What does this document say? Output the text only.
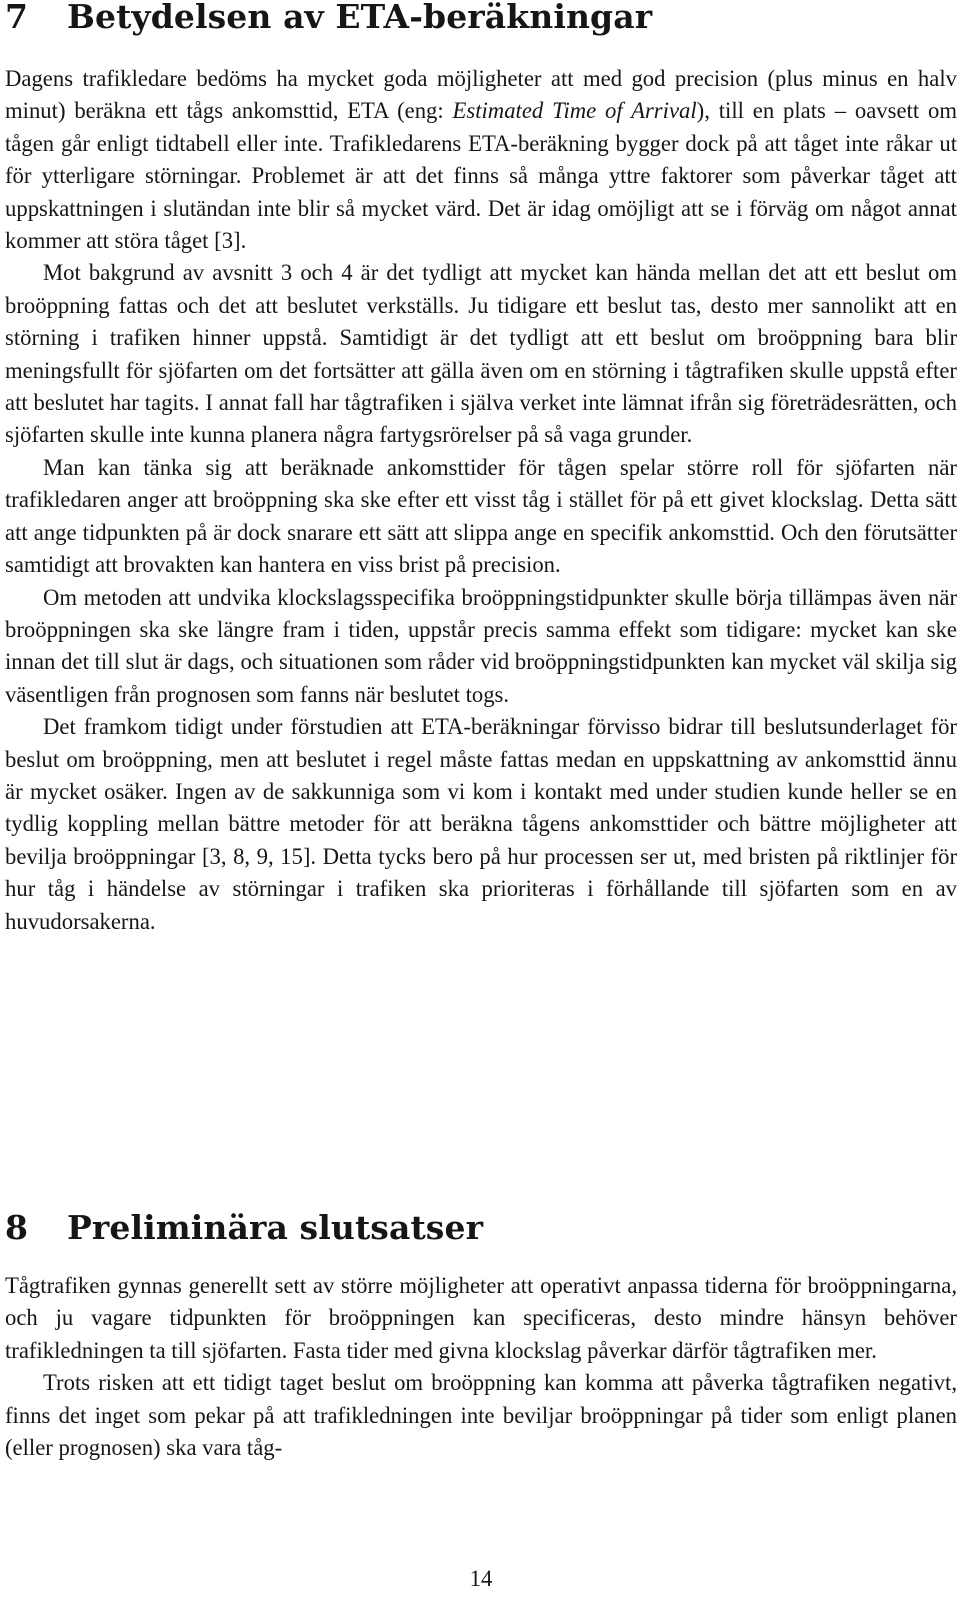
7 Betydelsen av ETA-beräkningar

Dagens trafikledare bedöms ha mycket goda möjligheter att med god precision (plus minus en halv minut) beräkna ett tågs ankomsttid, ETA (eng: Estimated Time of Arrival), till en plats – oavsett om tågen går enligt tidtabell eller inte. Trafikledarens ETA-beräkning bygger dock på att tåget inte råkar ut för ytterligare störningar. Problemet är att det finns så många yttre faktorer som påverkar tåget att uppskattningen i slutändan inte blir så mycket värd. Det är idag omöjligt att se i förväg om något annat kommer att störa tåget [3].

Mot bakgrund av avsnitt 3 och 4 är det tydligt att mycket kan hända mellan det att ett beslut om broöppning fattas och det att beslutet verkställs. Ju tidigare ett beslut tas, desto mer sannolikt att en störning i trafiken hinner uppstå. Samtidigt är det tydligt att ett beslut om broöppning bara blir meningsfullt för sjöfarten om det fortsätter att gälla även om en störning i tågtrafiken skulle uppstå efter att beslutet har tagits. I annat fall har tågtrafiken i själva verket inte lämnat ifrån sig företrädesrätten, och sjöfarten skulle inte kunna planera några fartygsrörelser på så vaga grunder.

Man kan tänka sig att beräknade ankomsttider för tågen spelar större roll för sjöfarten när trafikledaren anger att broöppning ska ske efter ett visst tåg i stället för på ett givet klockslag. Detta sätt att ange tidpunkten på är dock snarare ett sätt att slippa ange en specifik ankomsttid. Och den förutsätter samtidigt att brovakten kan hantera en viss brist på precision.

Om metoden att undvika klockslagsspecifika broöppningstidpunkter skulle börja tillämpas även när broöppningen ska ske längre fram i tiden, uppstår precis samma effekt som tidigare: mycket kan ske innan det till slut är dags, och situationen som råder vid broöppningstidpunkten kan mycket väl skilja sig väsentligen från prognosen som fanns när beslutet togs.

Det framkom tidigt under förstudien att ETA-beräkningar förvisso bidrar till beslutsunderlaget för beslut om broöppning, men att beslutet i regel måste fattas medan en uppskattning av ankomsttid ännu är mycket osäker. Ingen av de sakkunniga som vi kom i kontakt med under studien kunde heller se en tydlig koppling mellan bättre metoder för att beräkna tågens ankomsttider och bättre möjligheter att bevilja broöppningar [3, 8, 9, 15]. Detta tycks bero på hur processen ser ut, med bristen på riktlinjer för hur tåg i händelse av störningar i trafiken ska prioriteras i förhållande till sjöfarten som en av huvudorsakerna.

8 Preliminära slutsatser

Tågtrafiken gynnas generellt sett av större möjligheter att operativt anpassa tiderna för broöppningarna, och ju vagare tidpunkten för broöppningen kan specificeras, desto mindre hänsyn behöver trafikledningen ta till sjöfarten. Fasta tider med givna klockslag påverkar därför tågtrafiken mer.

Trots risken att ett tidigt taget beslut om broöppning kan komma att påverka tågtrafiken negativt, finns det inget som pekar på att trafikledningen inte beviljar broöppningar på tider som enligt planen (eller prognosen) ska vara tåg-

14
